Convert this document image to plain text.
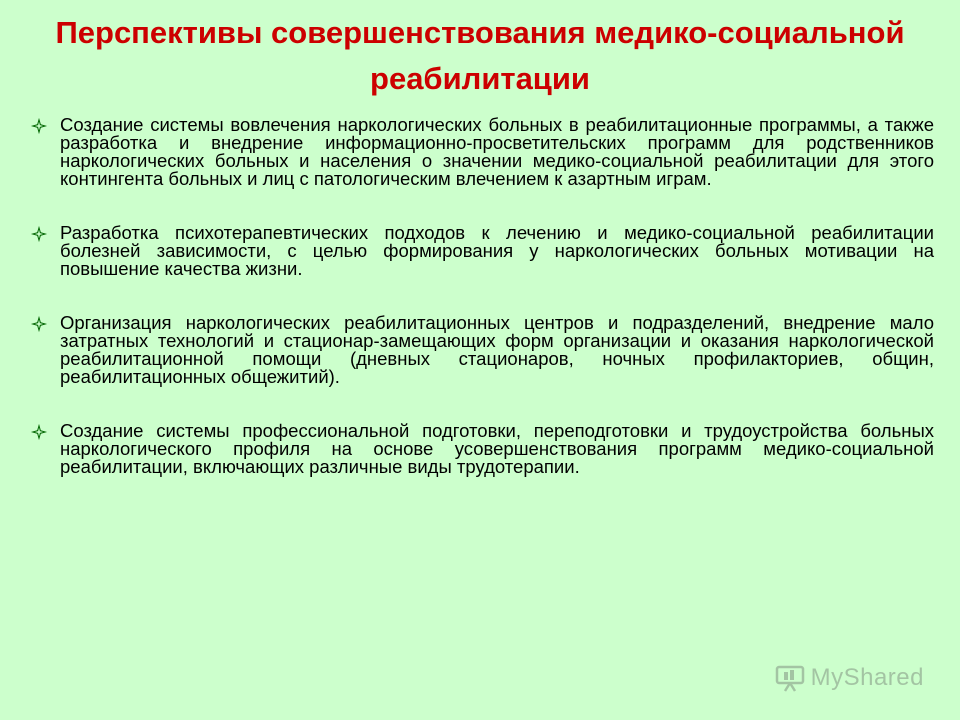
Перспективы совершенствования медико-социальной реабилитации
Создание системы вовлечения наркологических больных в реабилитационные программы, а также разработка и внедрение информационно-просветительских программ для родственников наркологических больных и населения о значении медико-социальной реабилитации для этого контингента больных и лиц с патологическим влечением к азартным играм.
Разработка психотерапевтических подходов к лечению и медико-социальной реабилитации болезней зависимости, с целью формирования у наркологических больных мотивации на повышение качества жизни.
Организация наркологических реабилитационных центров и подразделений, внедрение мало затратных технологий и стационар-замещающих форм организации и оказания наркологической реабилитационной помощи (дневных стационаров, ночных профилакториев, общин, реабилитационных общежитий).
Создание системы профессиональной подготовки, переподготовки и трудоустройства больных наркологического профиля на основе усовершенствования программ медико-социальной реабилитации, включающих различные виды трудотерапии.
MyShared
